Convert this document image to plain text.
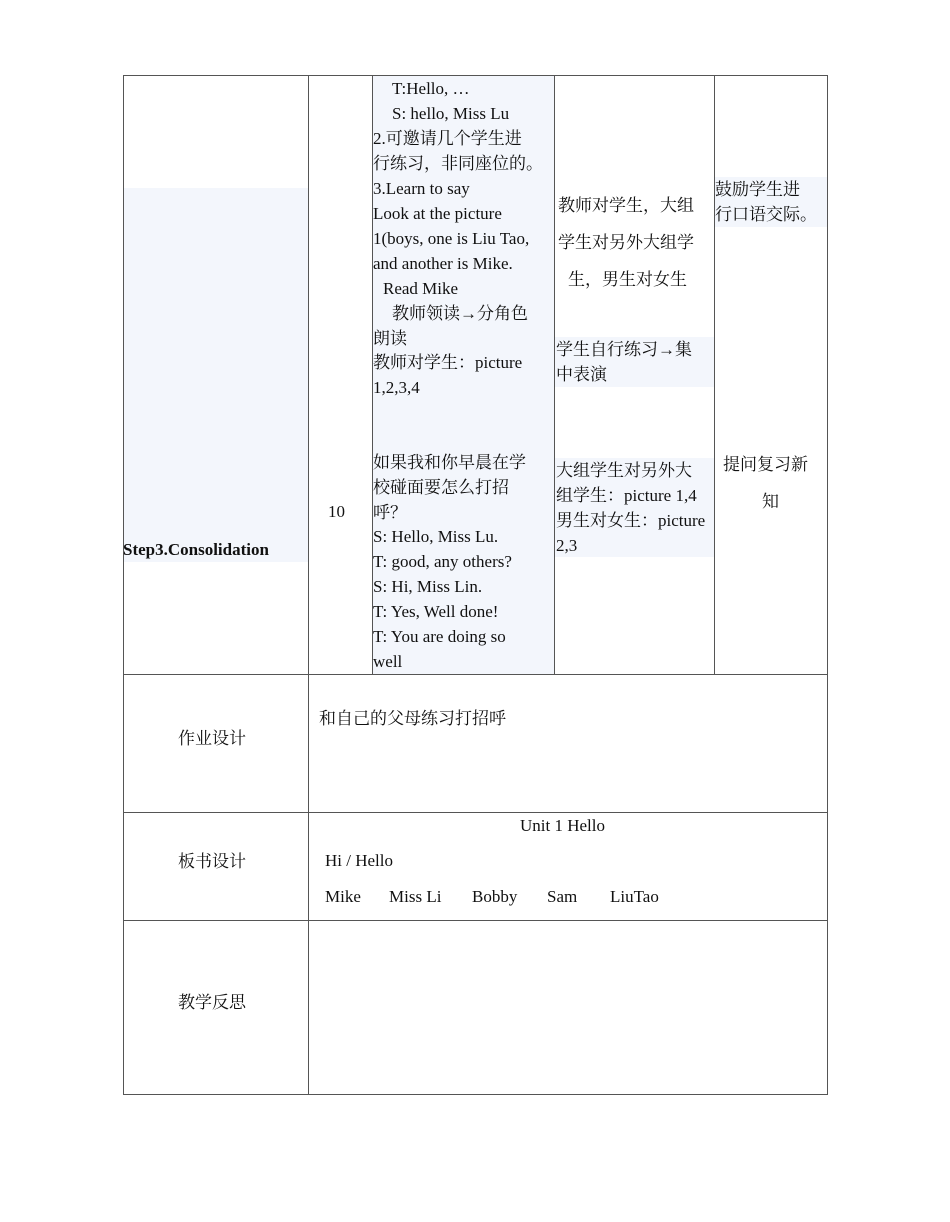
Step3.Consolidation
10
T:Hello, …
S: hello, Miss Lu
2.可邀请几个学生进
行练习，非同座位的。
3.Learn to say
Look at the picture
1(boys, one is Liu Tao,
and another is Mike.
Read Mike
教师领读→分角色
朗读
教师对学生：picture
1,2,3,4
如果我和你早晨在学
校碰面要怎么打招
呼？
S: Hello, Miss Lu.
T: good, any others?
S: Hi, Miss Lin.
T: Yes, Well done!
T: You are doing so
well
教师对学生，大组
学生对另外大组学
生，男生对女生
学生自行练习→集
中表演
大组学生对另外大
组学生：picture 1,4
男生对女生：picture
2,3
鼓励学生进
行口语交际。
提问复习新
知
作业设计
和自己的父母练习打招呼
板书设计
Unit 1 Hello
Hi / Hello
Mike Miss Li Bobby Sam LiuTao
教学反思
